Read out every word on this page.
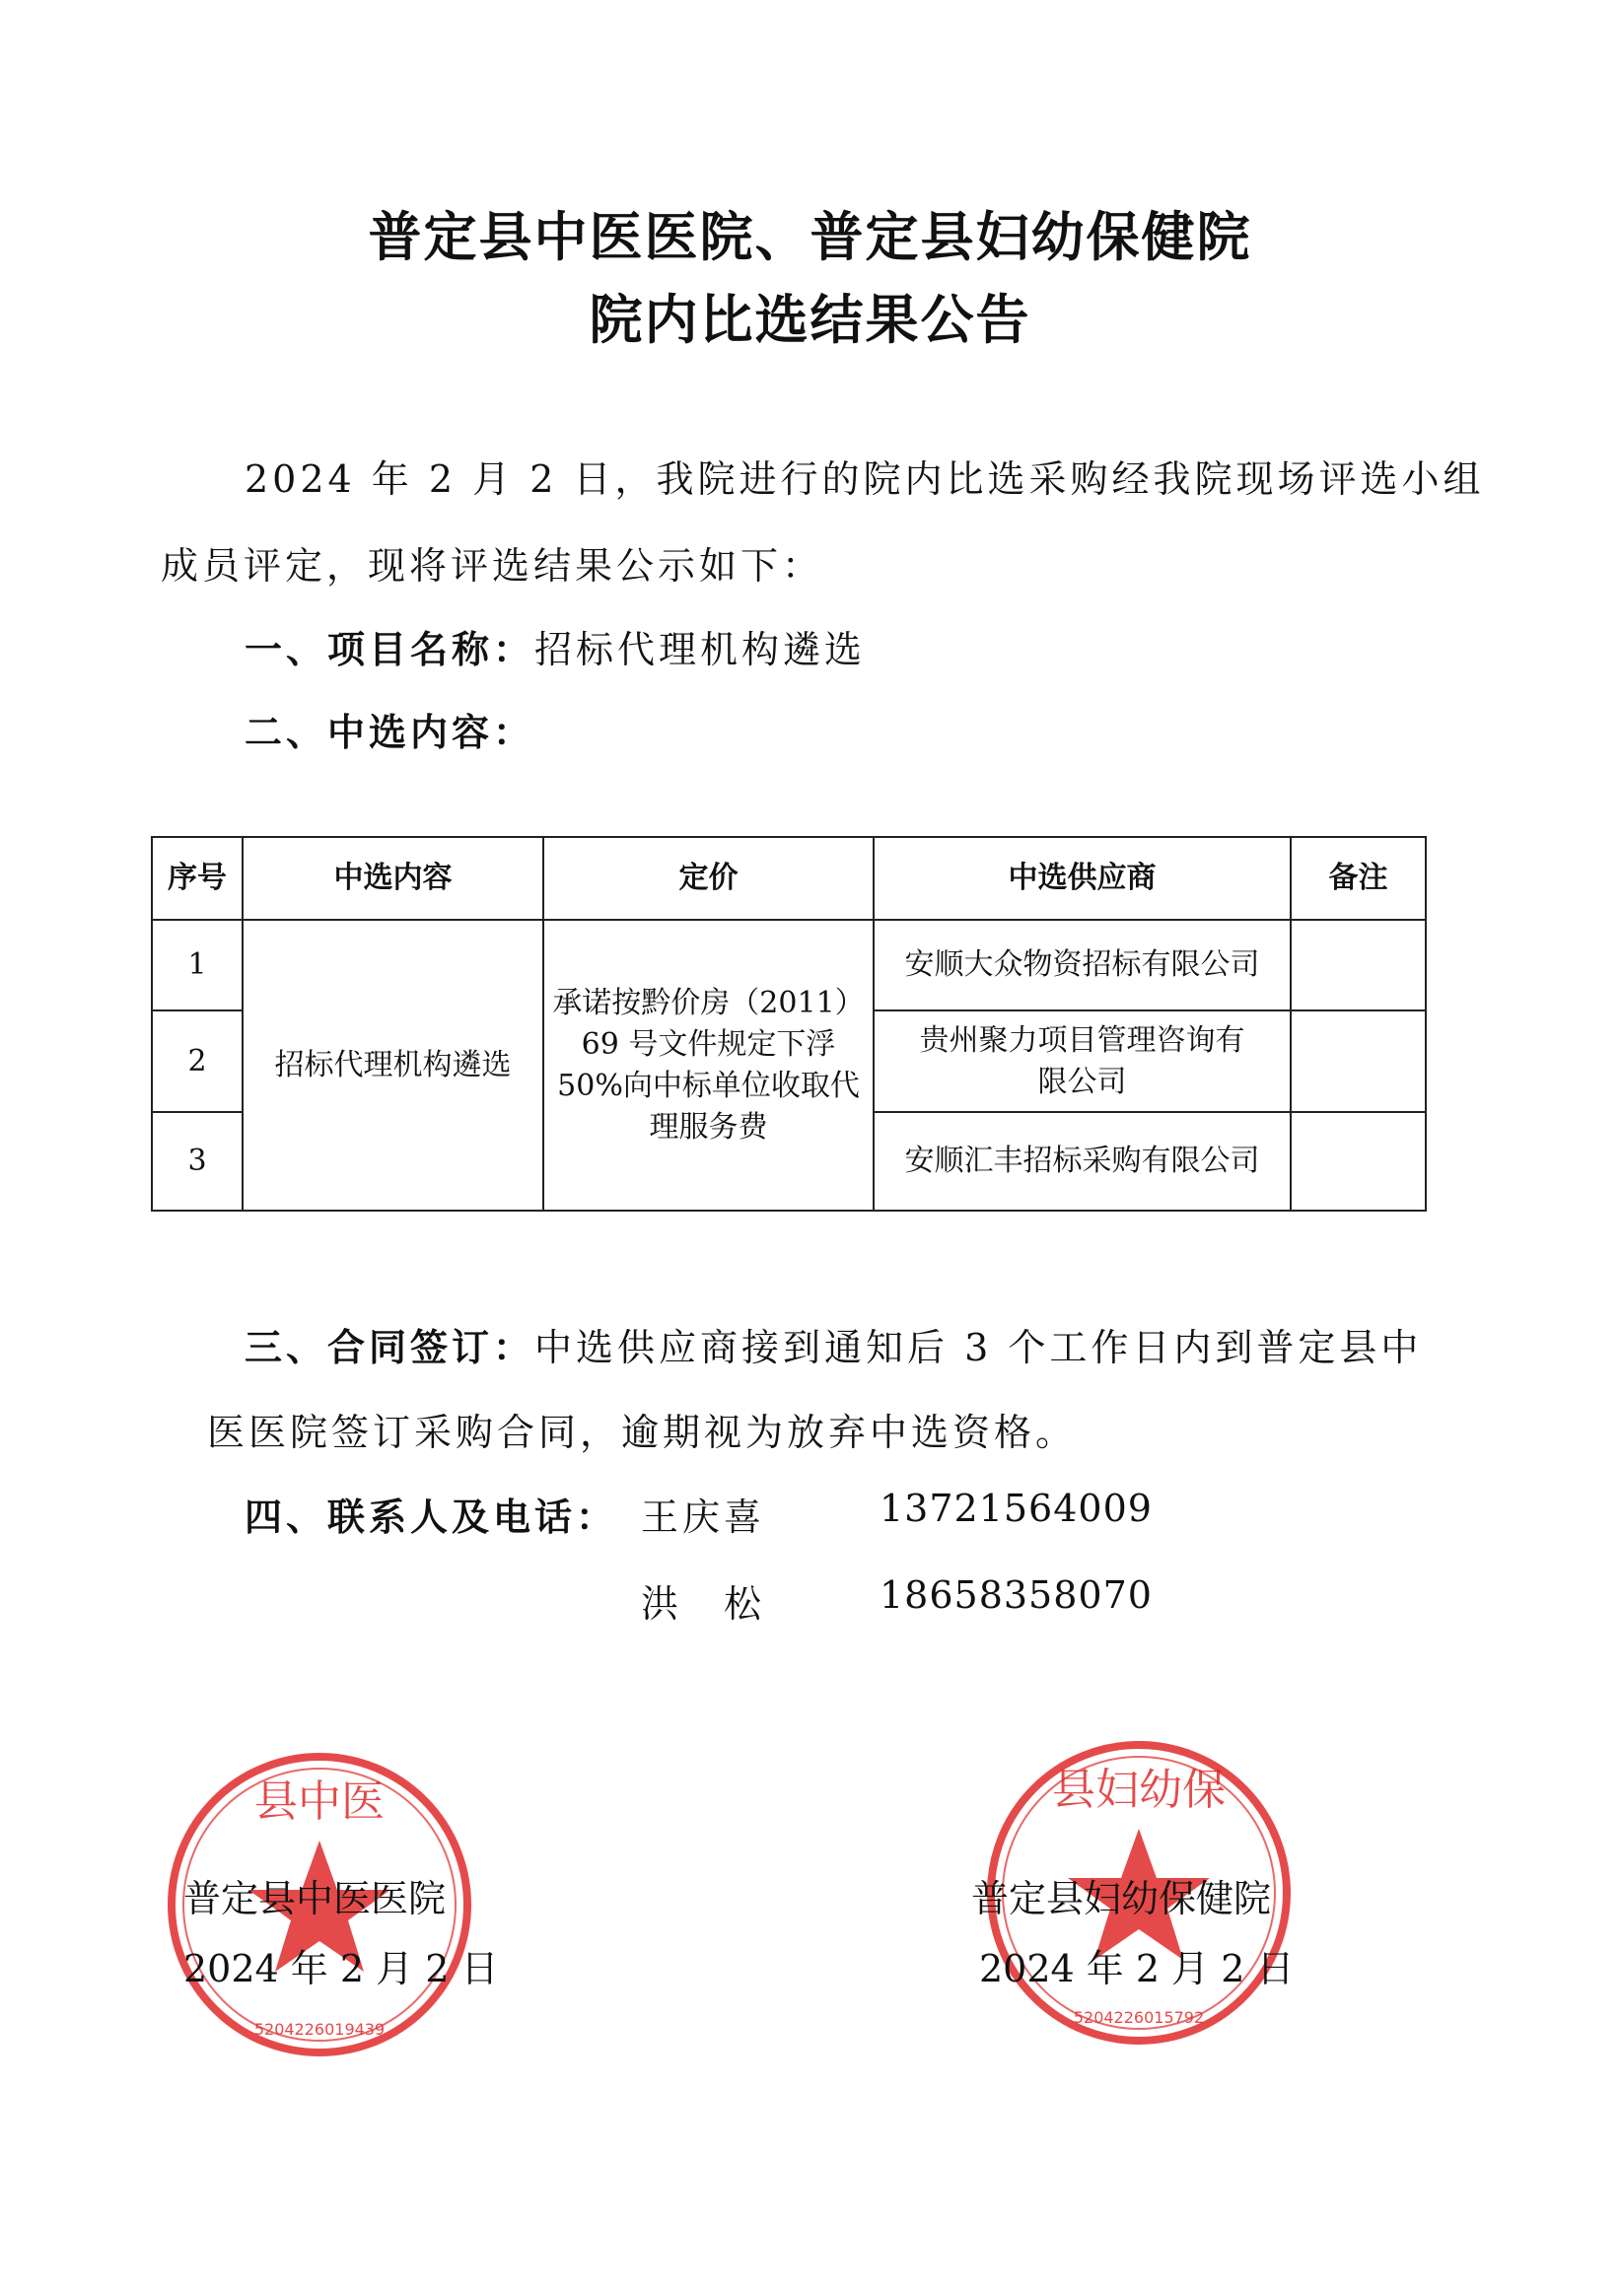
普定县中医医院、普定县妇幼保健院
院内比选结果公告
2024 年 2 月 2 日，我院进行的院内比选采购经我院现场评选小组
成员评定，现将评选结果公示如下：
一、项目名称：招标代理机构遴选
二、中选内容：
序号	中选内容	定价	中选供应商	备注
1	招标代理机构遴选	承诺按黔价房（2011）69 号文件规定下浮 50%向中标单位收取代理服务费	安顺大众物资招标有限公司	
2			贵州聚力项目管理咨询有限公司	
3			安顺汇丰招标采购有限公司	
三、合同签订：中选供应商接到通知后 3 个工作日内到普定县中
医医院签订采购合同，逾期视为放弃中选资格。
四、联系人及电话： 王庆喜	13721564009
洪　松	18658358070
县中医
5204226019439
县妇幼保
5204226015792
普定县中医医院
2024 年 2 月 2 日
普定县妇幼保健院
2024 年 2 月 2 日
